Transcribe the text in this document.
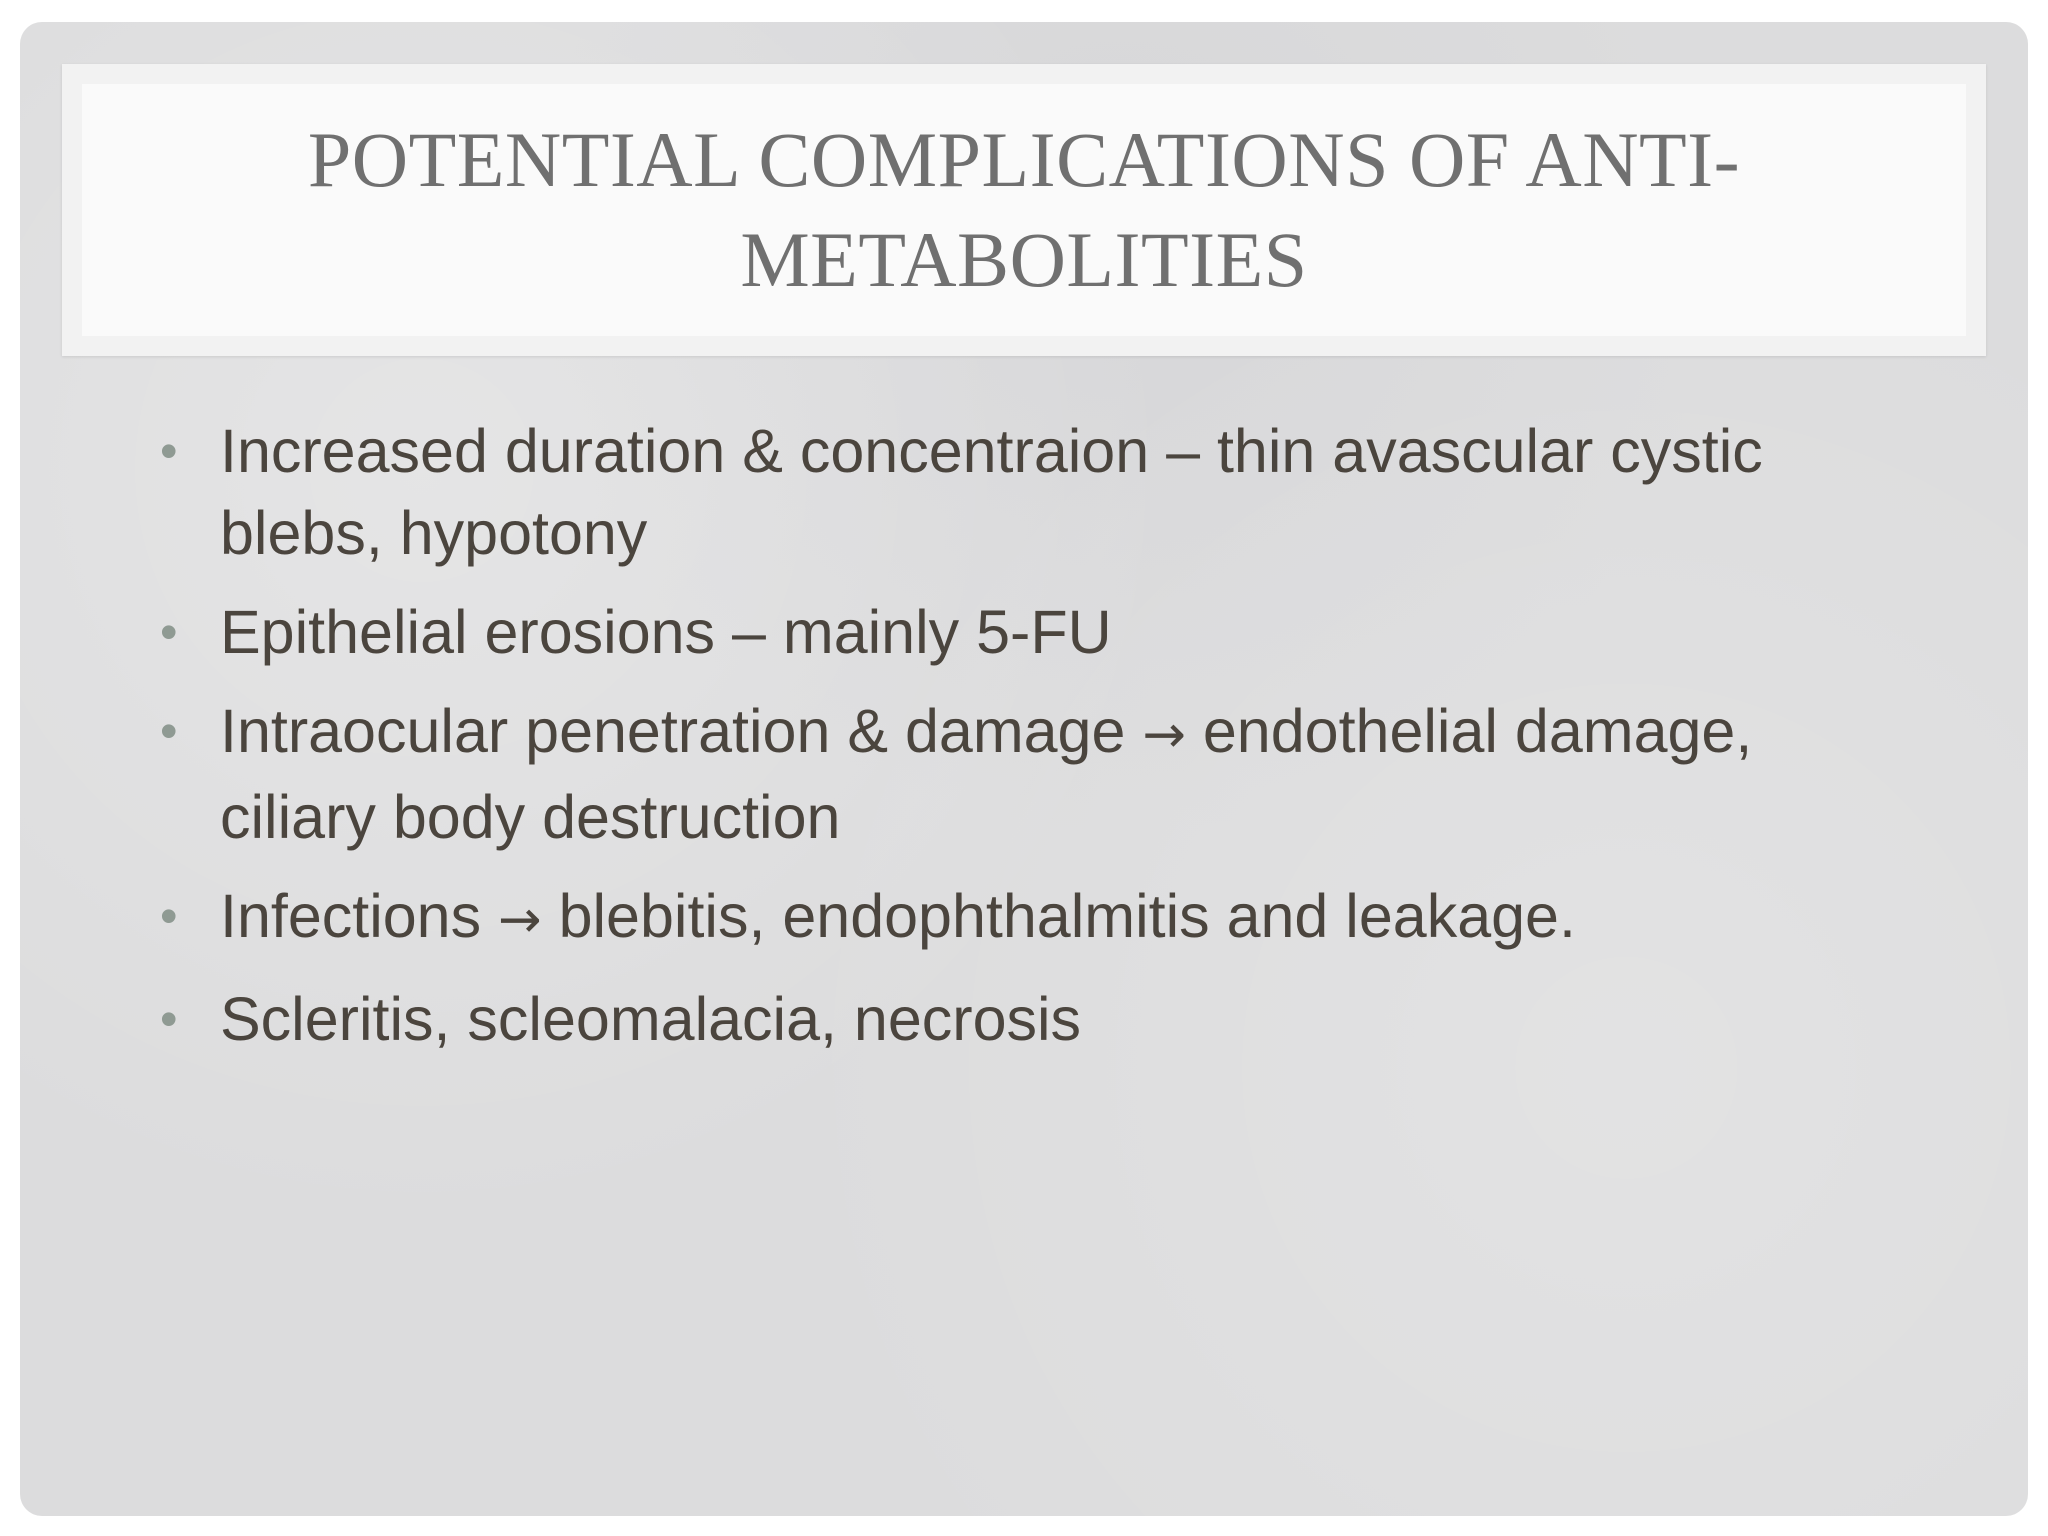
POTENTIAL COMPLICATIONS OF ANTI-METABOLITIES
• Increased duration & concentraion – thin avascular cystic blebs, hypotony
• Epithelial erosions – mainly 5-FU
• Intraocular penetration & damage → endothelial damage, ciliary body destruction
• Infections → blebitis, endophthalmitis and leakage.
• Scleritis, scleomalacia, necrosis
